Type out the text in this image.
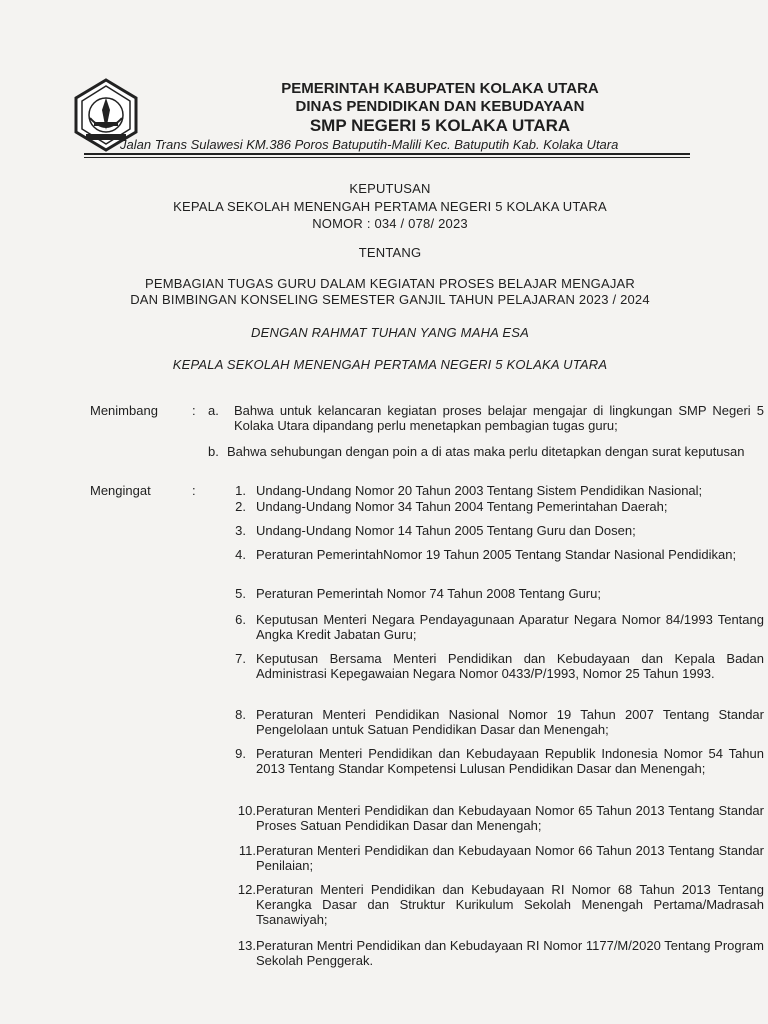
PEMERINTAH KABUPATEN KOLAKA UTARA
DINAS PENDIDIKAN DAN KEBUDAYAAN
SMP NEGERI 5 KOLAKA UTARA
Jalan Trans Sulawesi KM.386 Poros Batuputih-Malili Kec. Batuputih Kab. Kolaka Utara
KEPUTUSAN
KEPALA SEKOLAH MENENGAH PERTAMA NEGERI 5 KOLAKA UTARA
NOMOR : 034 / 078/ 2023
TENTANG
PEMBAGIAN TUGAS GURU DALAM KEGIATAN PROSES BELAJAR MENGAJAR
DAN BIMBINGAN KONSELING SEMESTER GANJIL TAHUN PELAJARAN 2023 / 2024
DENGAN RAHMAT TUHAN YANG MAHA ESA
KEPALA SEKOLAH MENENGAH PERTAMA NEGERI 5 KOLAKA UTARA
Menimbang	: a. Bahwa untuk kelancaran kegiatan proses belajar mengajar di lingkungan SMP Negeri 5 Kolaka Utara dipandang perlu menetapkan pembagian tugas guru;
b. Bahwa sehubungan dengan poin a di atas maka perlu ditetapkan dengan surat keputusan
Mengingat	:	1. Undang-Undang Nomor 20 Tahun 2003 Tentang Sistem Pendidikan Nasional;
2. Undang-Undang Nomor 34 Tahun 2004 Tentang Pemerintahan Daerah;
3. Undang-Undang Nomor 14 Tahun 2005 Tentang Guru dan Dosen;
4. Peraturan PemerintahNomor 19 Tahun 2005 Tentang Standar Nasional Pendidikan;
5. Peraturan Pemerintah Nomor 74 Tahun 2008 Tentang Guru;
6. Keputusan Menteri Negara Pendayagunaan Aparatur Negara Nomor 84/1993 Tentang Angka Kredit Jabatan Guru;
7. Keputusan Bersama Menteri Pendidikan dan Kebudayaan dan Kepala Badan Administrasi Kepegawaian Negara Nomor 0433/P/1993, Nomor 25 Tahun 1993.
8. Peraturan Menteri Pendidikan Nasional Nomor 19 Tahun 2007 Tentang Standar Pengelolaan untuk Satuan Pendidikan Dasar dan Menengah;
9. Peraturan Menteri Pendidikan dan Kebudayaan Republik Indonesia Nomor 54 Tahun 2013 Tentang Standar Kompetensi Lulusan Pendidikan Dasar dan Menengah;
10. Peraturan Menteri Pendidikan dan Kebudayaan Nomor 65 Tahun 2013 Tentang Standar Proses Satuan Pendidikan Dasar dan Menengah;
11. Peraturan Menteri Pendidikan dan Kebudayaan Nomor 66 Tahun 2013 Tentang Standar Penilaian;
12. Peraturan Menteri Pendidikan dan Kebudayaan RI Nomor 68 Tahun 2013 Tentang Kerangka Dasar dan Struktur Kurikulum Sekolah Menengah Pertama/Madrasah Tsanawiyah;
13. Peraturan Mentri Pendidikan dan Kebudayaan RI Nomor 1177/M/2020 Tentang Program Sekolah Penggerak.
